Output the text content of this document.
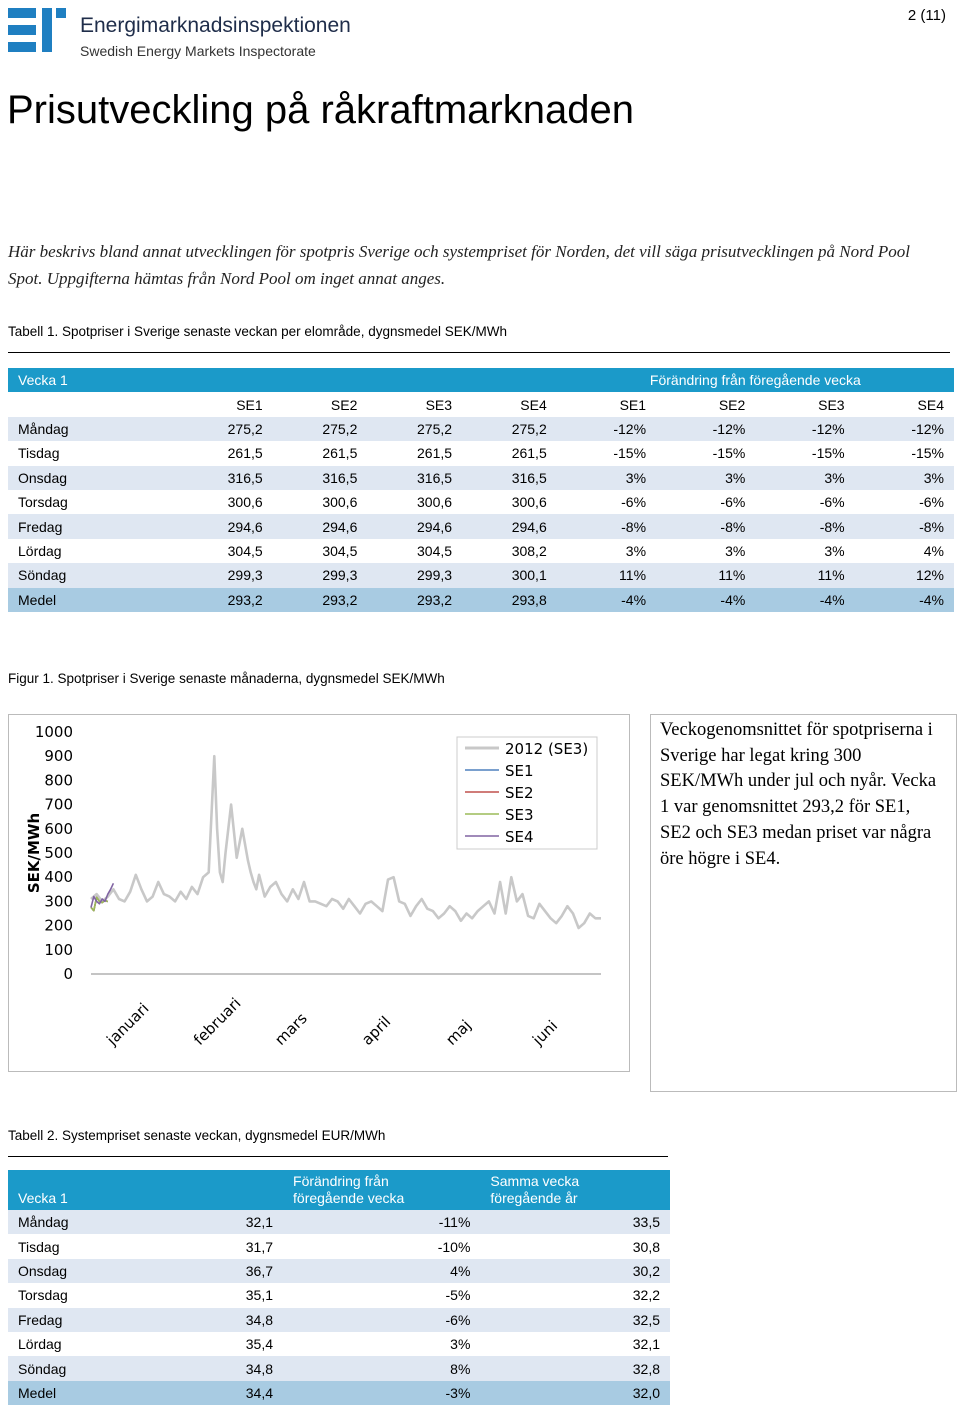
Energimarknadsinspektionen
Swedish Energy Markets Inspectorate
2 (11)
Prisutveckling på råkraftmarknaden
Här beskrivs bland annat utvecklingen för spotpris Sverige och systempriset för Norden, det vill säga prisutvecklingen på Nord Pool Spot. Uppgifterna hämtas från Nord Pool om inget annat anges.
Tabell 1. Spotpriser i Sverige senaste veckan per elområde, dygnsmedel SEK/MWh
Vecka 1					Förändring från föregående vecka			
	SE1	SE2	SE3	SE4	SE1	SE2	SE3	SE4
Måndag	275,2	275,2	275,2	275,2	-12%	-12%	-12%	-12%
Tisdag	261,5	261,5	261,5	261,5	-15%	-15%	-15%	-15%
Onsdag	316,5	316,5	316,5	316,5	3%	3%	3%	3%
Torsdag	300,6	300,6	300,6	300,6	-6%	-6%	-6%	-6%
Fredag	294,6	294,6	294,6	294,6	-8%	-8%	-8%	-8%
Lördag	304,5	304,5	304,5	308,2	3%	3%	3%	4%
Söndag	299,3	299,3	299,3	300,1	11%	11%	11%	12%
Medel	293,2	293,2	293,2	293,8	-4%	-4%	-4%	-4%
Figur 1. Spotpriser i Sverige senaste månaderna, dygnsmedel SEK/MWh
SEK/MWh
0
100
200
300
400
500
600
700
800
900
1000
januari februari mars	april	maj	juni
2012 (SE3)
SE1
SE2
SE3
SE4
Veckogenomsnittet för spotpriserna i Sverige har legat kring 300 SEK/MWh under jul och nyår. Vecka 1 var genomsnittet 293,2 för SE1, SE2 och SE3 medan priset var några öre högre i SE4.
Tabell 2. Systempriset senaste veckan, dygnsmedel EUR/MWh
Vecka 1		Förändring från
föregående vecka	Samma vecka
föregående år
Måndag	32,1	-11%	33,5
Tisdag	31,7	-10%	30,8
Onsdag	36,7	4%	30,2
Torsdag	35,1	-5%	32,2
Fredag	34,8	-6%	32,5
Lördag	35,4	3%	32,1
Söndag	34,8	8%	32,8
Medel	34,4	-3%	32,0
